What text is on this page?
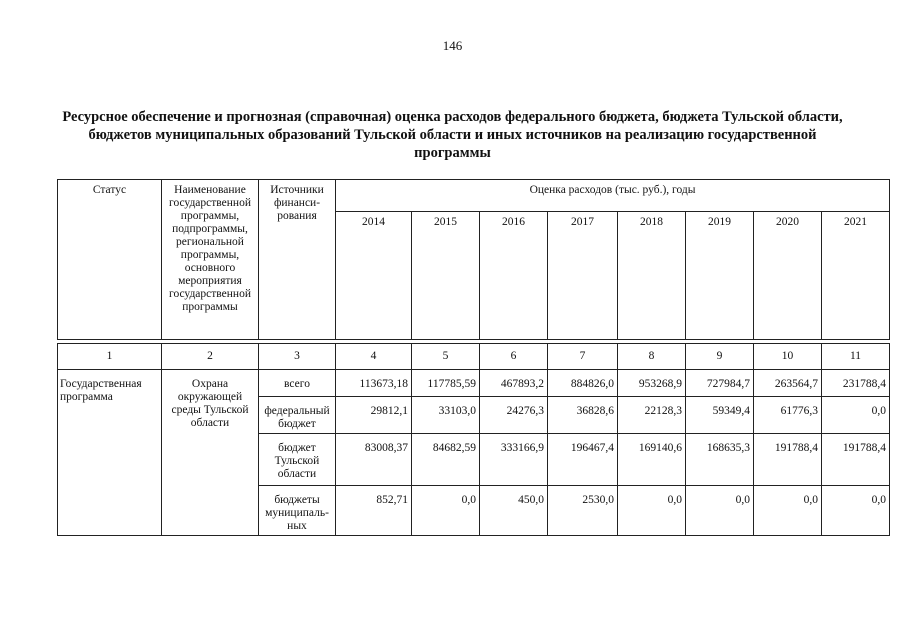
146
Ресурсное обеспечение и прогнозная (справочная) оценка расходов федерального бюджета, бюджета Тульской области, бюджетов муниципальных образований Тульской области и иных источников на реализацию государственной программы
Статус	Наименование государственной программы, подпрограммы, региональной программы, основного мероприятия государственной программы	Источники финанси-рования	Оценка расходов (тыс. руб.), годы							
			2014	2015	2016	2017	2018	2019	2020	2021
1	2	3	4	5	6	7	8	9	10	11
Государственная программа	Охрана окружающей среды Тульской области	всего	113673,18	117785,59	467893,2	884826,0	953268,9	727984,7	263564,7	231788,4
		федеральный бюджет	29812,1	33103,0	24276,3	36828,6	22128,3	59349,4	61776,3	0,0
		бюджет Тульской области	83008,37	84682,59	333166,9	196467,4	169140,6	168635,3	191788,4	191788,4
		бюджеты муниципаль-ных	852,71	0,0	450,0	2530,0	0,0	0,0	0,0	0,0
